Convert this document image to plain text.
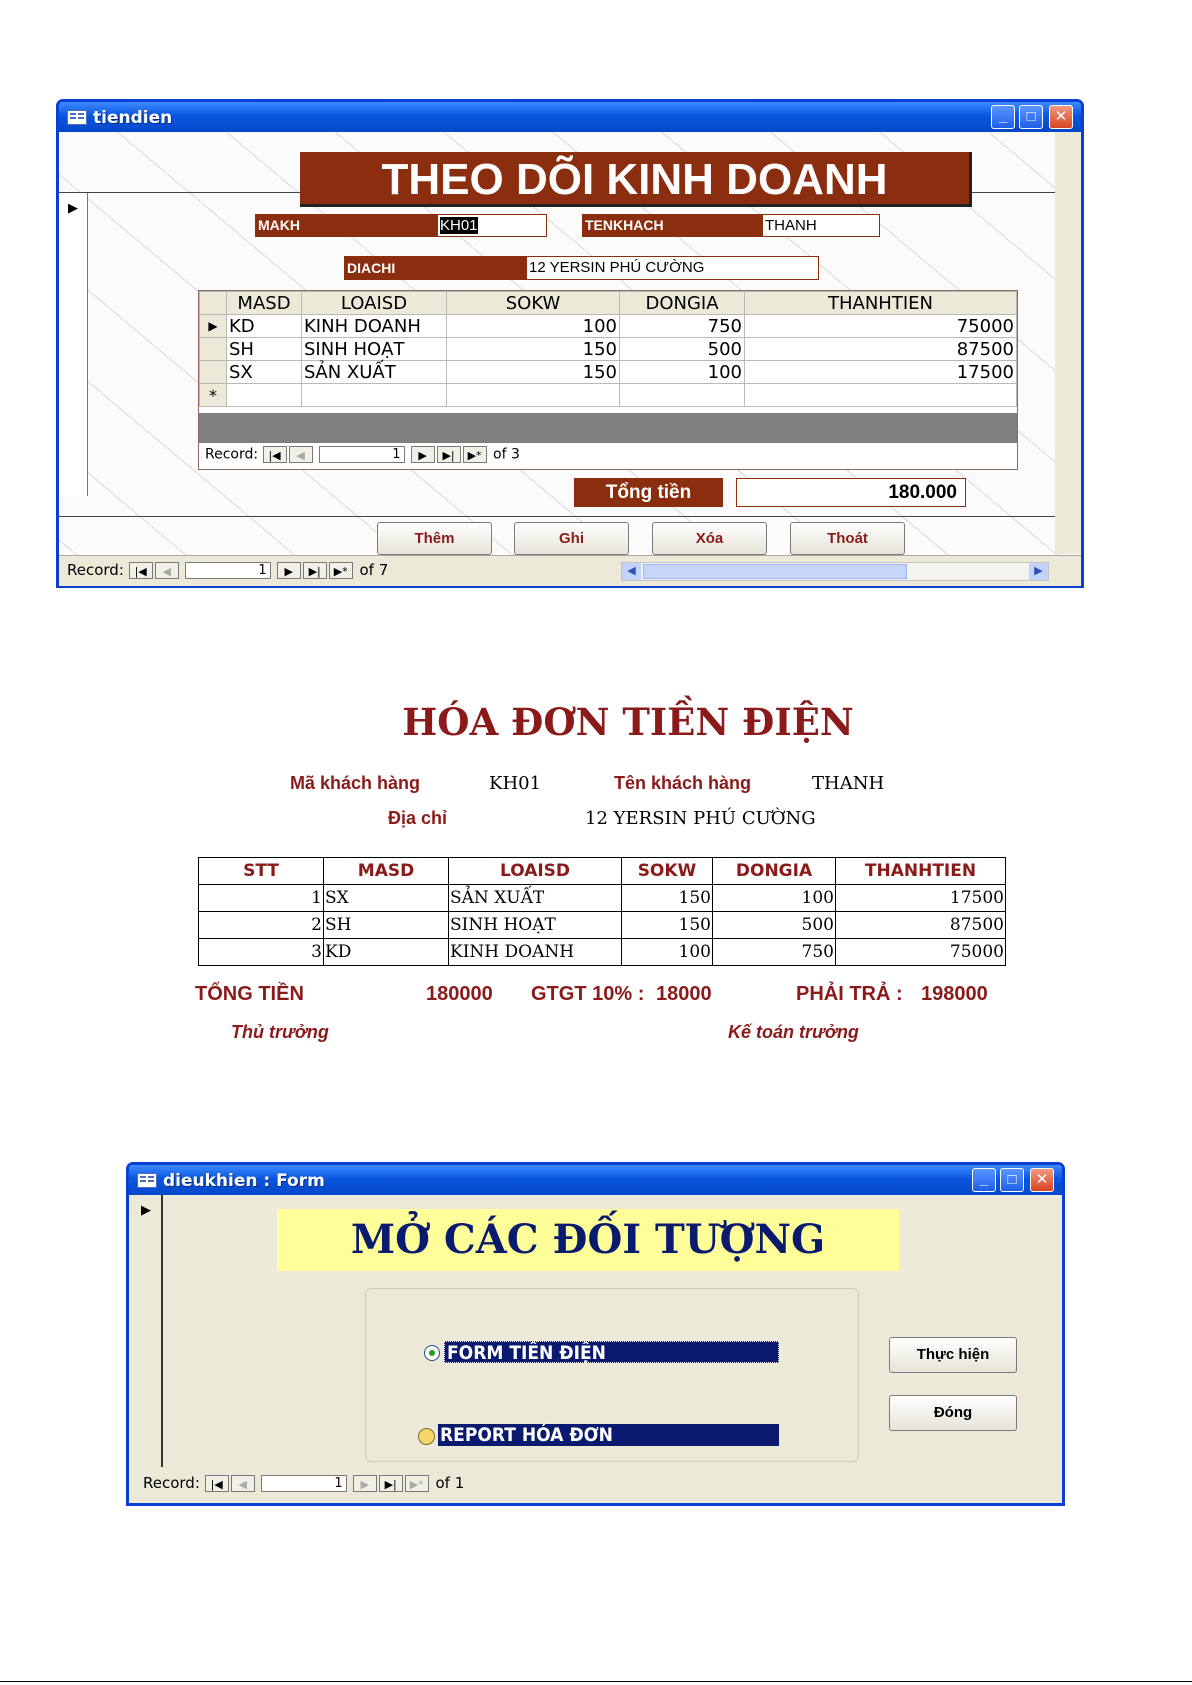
tiendien	_	□	✕
▶
THEO DÕI KINH DOANH
MAKH	KH01	TENKHACH	THANH
DIACHI	12 YERSIN PHÚ CƯỜNG
	MASD	LOAISD	SOKW	DONGIA	THANHTIEN
▶	KD	KINH DOANH	100	750	75000
	SH	SINH HOẠT	150	500	87500
	SX	SẢN XUẤT	150	100	17500
*					
Record: |◀ ◀	1 ▶ ▶| ▶* of 3
Tổng tiền	180.000
Thêm	Ghi	Xóa	Thoát
Record: |◀ ◀	1 ▶ ▶| ▶* of 7	◀	▶
HÓA ĐƠN TIỀN ĐIỆN
Mã khách hàng	KH01	Tên khách hàng	THANH
Địa chỉ	12 YERSIN PHÚ CƯỜNG
STT	MASD	LOAISD	SOKW	DONGIA	THANHTIEN
1	SX	SẢN XUẤT	150	100	17500
2	SH	SINH HOẠT	150	500	87500
3	KD	KINH DOANH	100	750	75000
TỔNG TIỀN	180000 GTGT 10% : 18000	PHẢI TRẢ : 198000
Thủ trưởng	Kế toán trưởng
dieukhien : Form	_	□	✕
▶
MỞ CÁC ĐỐI TƯỢNG
FORM TIỀN ĐIỆN
REPORT HÓA ĐƠN
Thực hiện
Đóng
Record: |◀ ◀	1 ▶ ▶| ▶* of 1
